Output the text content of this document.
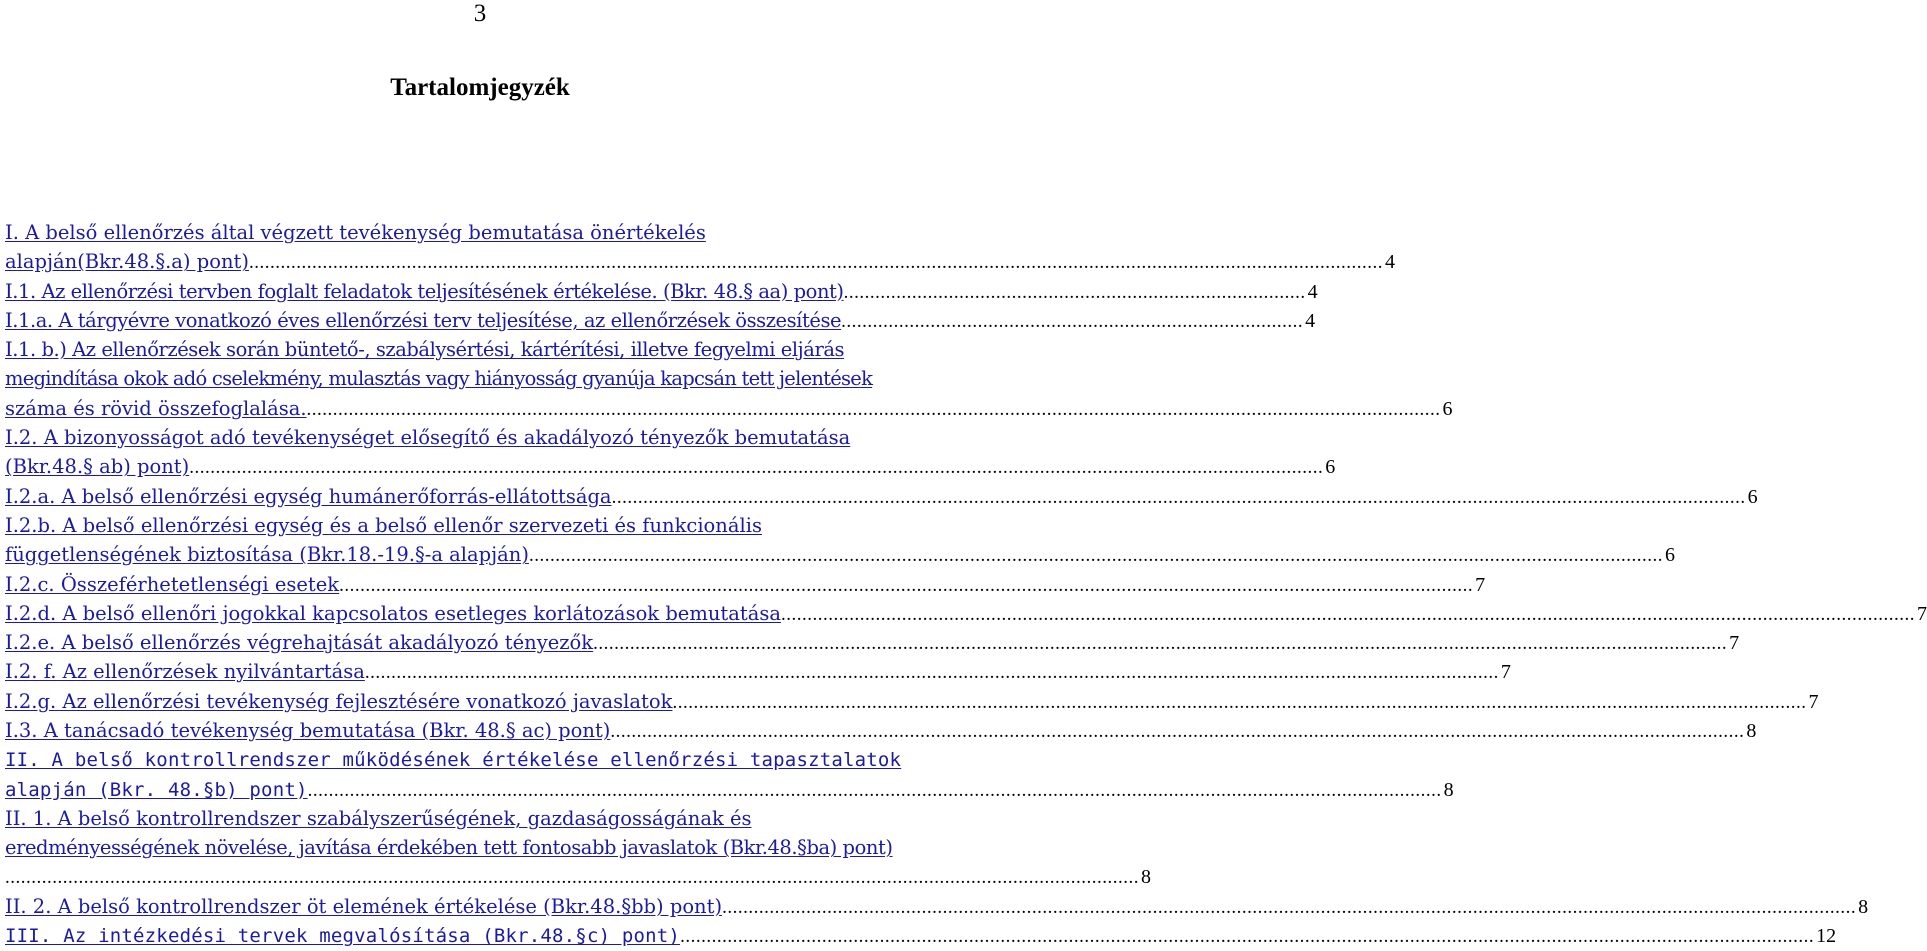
3
Tartalomjegyzék
I. A belső ellenőrzés által végzett tevékenység bemutatása önértékelés
alapján(Bkr.48.§.a) pont) ........................................................................................................................................................................................................................ 4
I.1. Az ellenőrzési tervben foglalt feladatok teljesítésének értékelése. (Bkr. 48.§ aa) pont) ........................................................................................ 4
I.1.a. A tárgyévre vonatkozó éves ellenőrzési terv teljesítése, az ellenőrzések összesítése ........................................................................................ 4
I.1. b.) Az ellenőrzések során büntető-, szabálysértési, kártérítési, illetve fegyelmi eljárás
megindítása okok adó cselekmény, mulasztás vagy hiányosság gyanúja kapcsán tett jelentések
száma és rövid összefoglalása. ........................................................................................................................................................................................................................ 6
I.2. A bizonyosságot adó tevékenységet elősegítő és akadályozó tényezők bemutatása
(Bkr.48.§ ab) pont) ........................................................................................................................................................................................................................ 6
I.2.a. A belső ellenőrzési egység humánerőforrás-ellátottsága ........................................................................................................................................................................................................................ 6
I.2.b. A belső ellenőrzési egység és a belső ellenőr szervezeti és funkcionális
függetlenségének biztosítása (Bkr.18.-19.§-a alapján) ........................................................................................................................................................................................................................ 6
I.2.c. Összeférhetetlenségi esetek ........................................................................................................................................................................................................................ 7
I.2.d. A belső ellenőri jogokkal kapcsolatos esetleges korlátozások bemutatása ........................................................................................................................................................................................................................ 7
I.2.e. A belső ellenőrzés végrehajtását akadályozó tényezők ........................................................................................................................................................................................................................ 7
I.2. f. Az ellenőrzések nyilvántartása ........................................................................................................................................................................................................................ 7
I.2.g. Az ellenőrzési tevékenység fejlesztésére vonatkozó javaslatok ........................................................................................................................................................................................................................ 7
I.3. A tanácsadó tevékenység bemutatása (Bkr. 48.§ ac) pont) ........................................................................................................................................................................................................................ 8
II. A belső kontrollrendszer működésének értékelése ellenőrzési tapasztalatok
alapján (Bkr. 48.§b) pont) ........................................................................................................................................................................................................................ 8
II. 1. A belső kontrollrendszer szabályszerűségének, gazdaságosságának és
eredményességének növelése, javítása érdekében tett fontosabb javaslatok (Bkr.48.§ba) pont)
........................................................................................................................................................................................................................ 8
II. 2. A belső kontrollrendszer öt elemének értékelése (Bkr.48.§bb) pont) ........................................................................................................................................................................................................................ 8
III. Az intézkedési tervek megvalósítása (Bkr.48.§c) pont) ........................................................................................................................................................................................................................ 12
